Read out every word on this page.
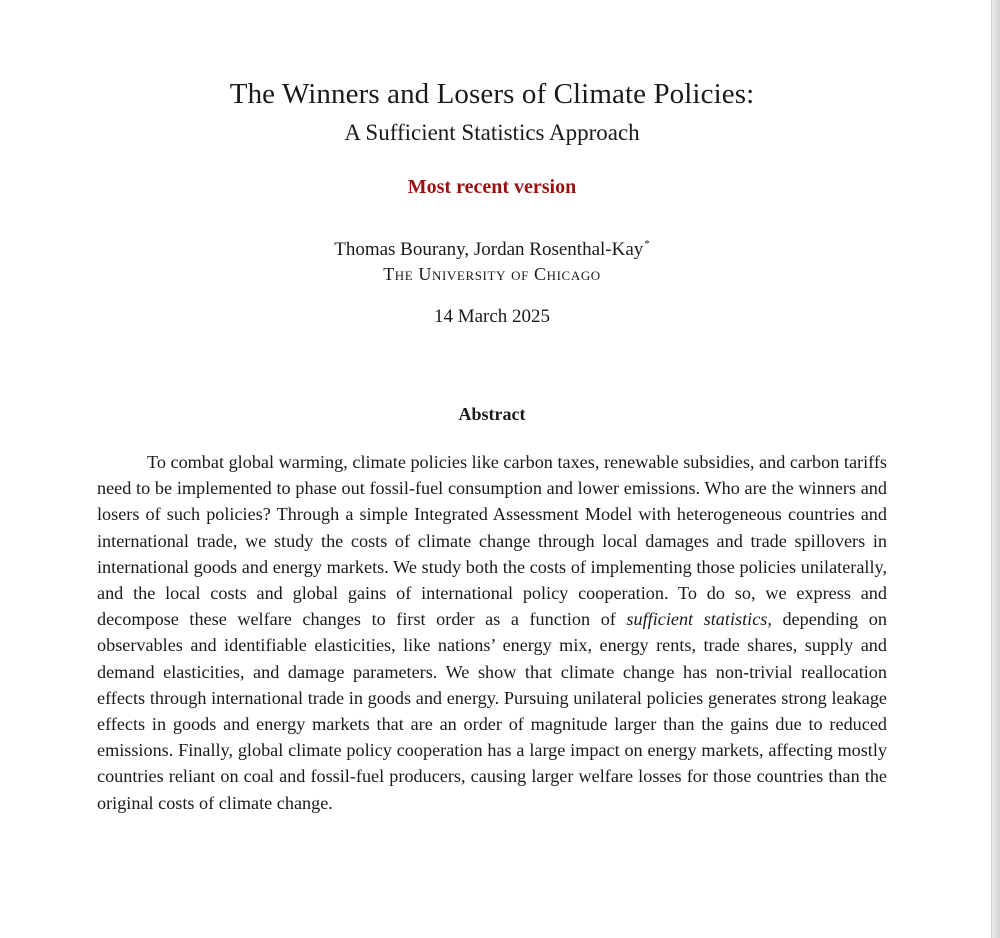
The Winners and Losers of Climate Policies:
A Sufficient Statistics Approach
Most recent version
Thomas Bourany, Jordan Rosenthal-Kay*
The University of Chicago
14 March 2025
Abstract

To combat global warming, climate policies like carbon taxes, renewable subsidies, and carbon tariffs need to be implemented to phase out fossil-fuel consumption and lower emissions. Who are the winners and losers of such policies? Through a simple Integrated Assessment Model with heterogeneous countries and international trade, we study the costs of climate change through local damages and trade spillovers in international goods and energy markets. We study both the costs of implementing those policies unilaterally, and the local costs and global gains of international policy cooperation. To do so, we express and decompose these welfare changes to first order as a function of sufficient statistics, depending on observables and identifiable elasticities, like nations’ energy mix, energy rents, trade shares, supply and demand elasticities, and damage parameters. We show that climate change has non-trivial reallocation effects through international trade in goods and energy. Pursuing unilateral policies generates strong leakage effects in goods and energy markets that are an order of magnitude larger than the gains due to reduced emissions. Finally, global climate policy cooperation has a large impact on energy markets, affecting mostly countries reliant on coal and fossil-fuel producers, causing larger welfare losses for those countries than the original costs of climate change.
